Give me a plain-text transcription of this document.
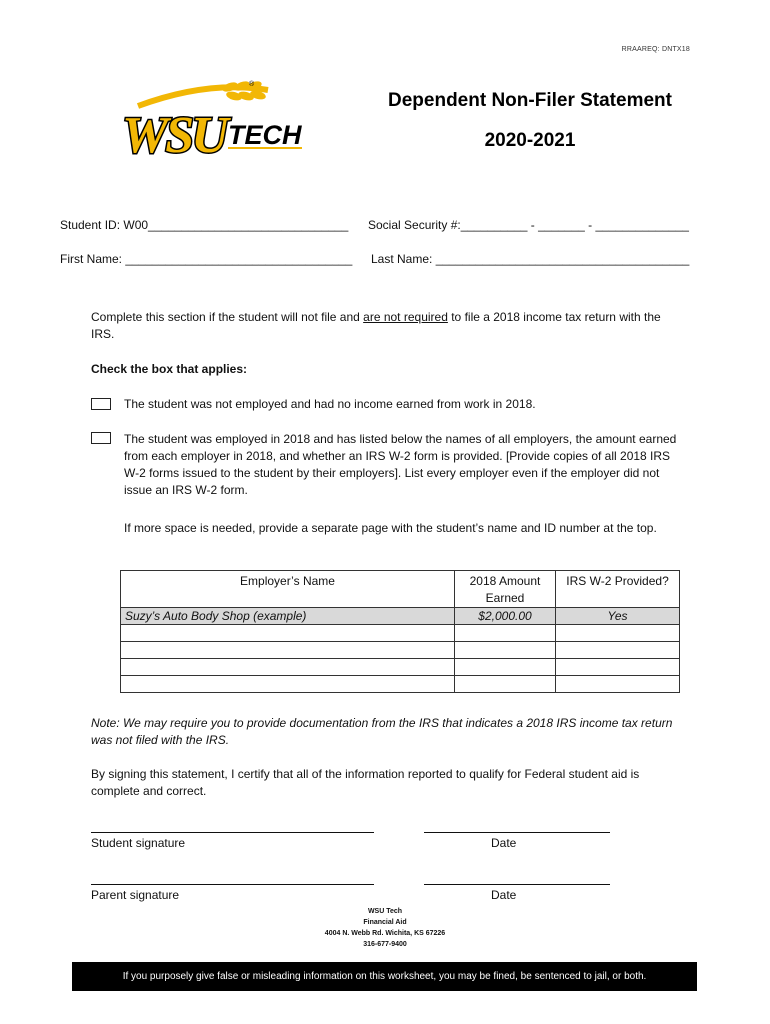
RRAAREQ: DNTX18
®
WSU TECH
Dependent Non-Filer Statement
2020-2021
Student ID: W00______________________________ Social Security #:__________ - _______ - ______________
First Name: __________________________________ Last Name: ______________________________________
Complete this section if the student will not file and are not required to file a 2018 income tax return with the IRS.
Check the box that applies:
The student was not employed and had no income earned from work in 2018.
The student was employed in 2018 and has listed below the names of all employers, the amount earned from each employer in 2018, and whether an IRS W-2 form is provided. [Provide copies of all 2018 IRS W-2 forms issued to the student by their employers]. List every employer even if the employer did not issue an IRS W-2 form.
If more space is needed, provide a separate page with the student’s name and ID number at the top.
Employer’s Name	2018 Amount Earned	IRS W-2 Provided?
Suzy’s Auto Body Shop (example)	$2,000.00	Yes

Note: We may require you to provide documentation from the IRS that indicates a 2018 IRS income tax return was not filed with the IRS.
By signing this statement, I certify that all of the information reported to qualify for Federal student aid is complete and correct.
Student signature	Date
Parent signature	Date
WSU Tech
Financial Aid
4004 N. Webb Rd. Wichita, KS 67226
316-677-9400
If you purposely give false or misleading information on this worksheet, you may be fined, be sentenced to jail, or both.
